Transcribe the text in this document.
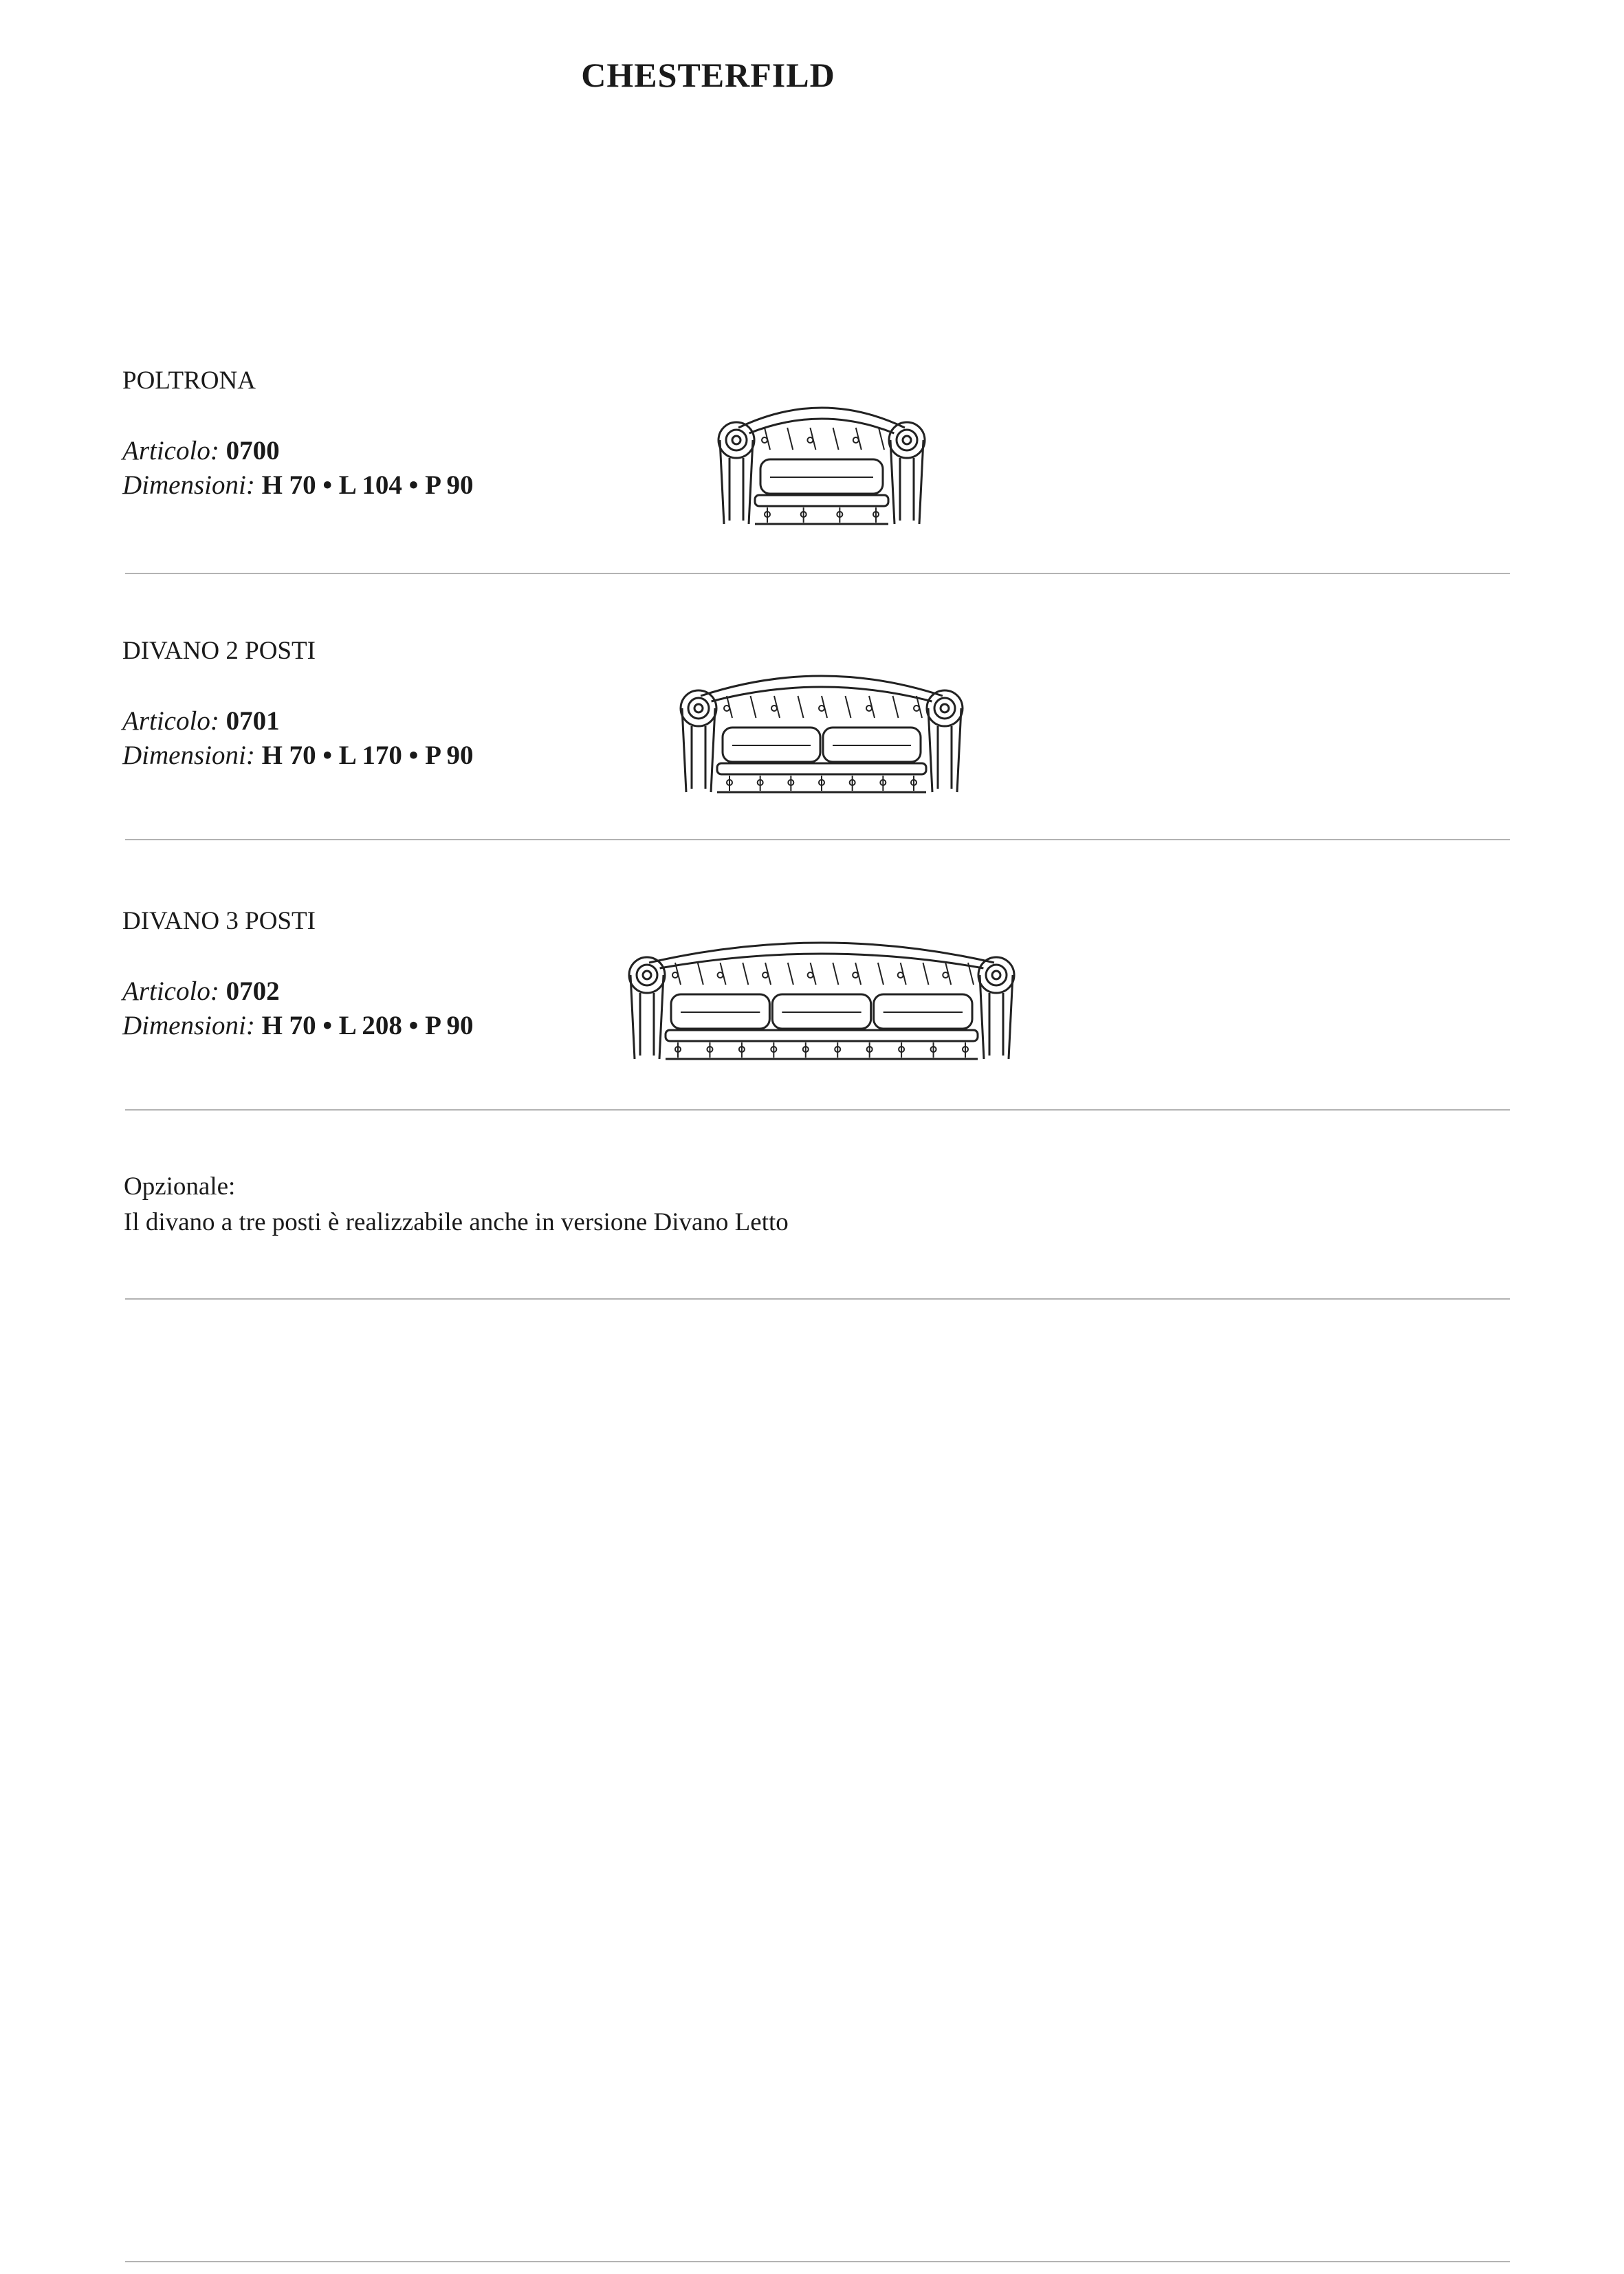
CHESTERFILD
POLTRONA
Articolo: 0700
Dimensioni: H 70 • L 104 • P 90
DIVANO 2 POSTI
Articolo: 0701
Dimensioni: H 70 • L 170 • P 90
DIVANO 3 POSTI
Articolo: 0702
Dimensioni: H 70 • L 208 • P 90
Opzionale:
Il divano a tre posti è realizzabile anche in versione Divano Letto
